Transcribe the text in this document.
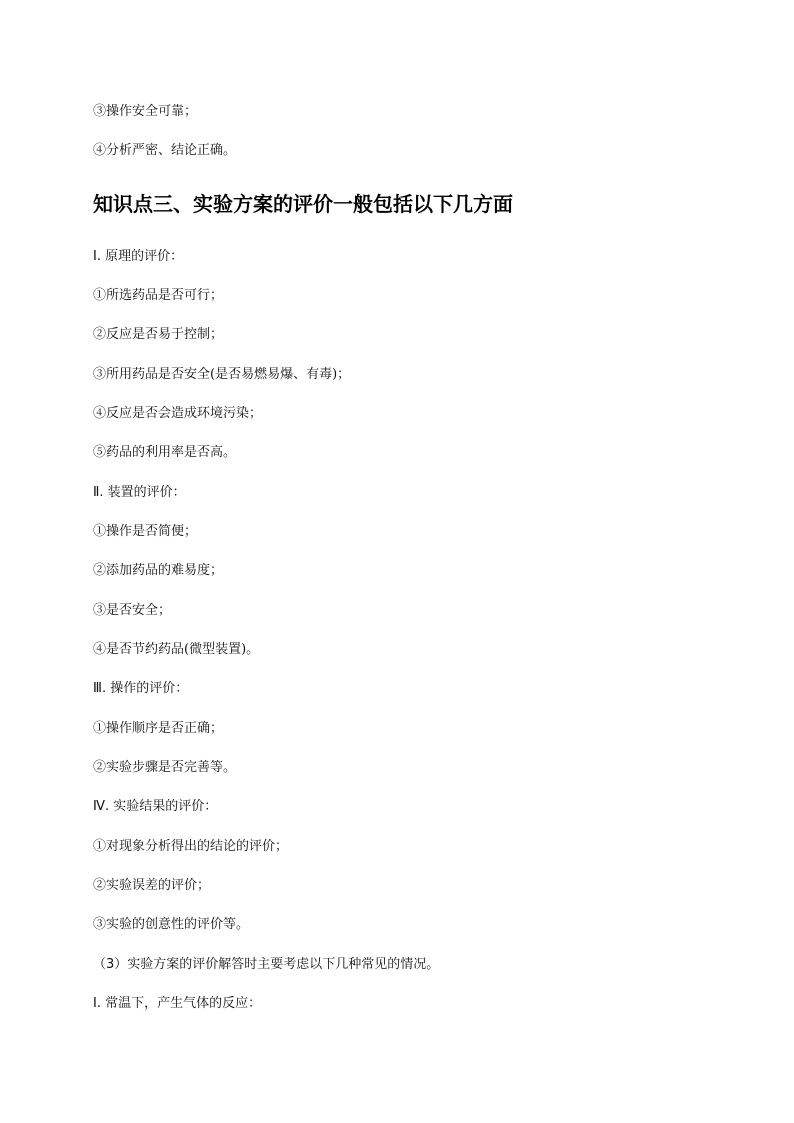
③操作安全可靠；
④分析严密、结论正确。
知识点三、实验方案的评价一般包括以下几方面
Ⅰ. 原理的评价：
①所选药品是否可行；
②反应是否易于控制；
③所用药品是否安全(是否易燃易爆、有毒)；
④反应是否会造成环境污染；
⑤药品的利用率是否高。
Ⅱ. 装置的评价：
①操作是否简便；
②添加药品的难易度；
③是否安全；
④是否节约药品(微型装置)。
Ⅲ. 操作的评价：
①操作顺序是否正确；
②实验步骤是否完善等。
Ⅳ. 实验结果的评价：
①对现象分析得出的结论的评价；
②实验误差的评价；
③实验的创意性的评价等。
（3）实验方案的评价解答时主要考虑以下几种常见的情况。
Ⅰ. 常温下，产生气体的反应：
